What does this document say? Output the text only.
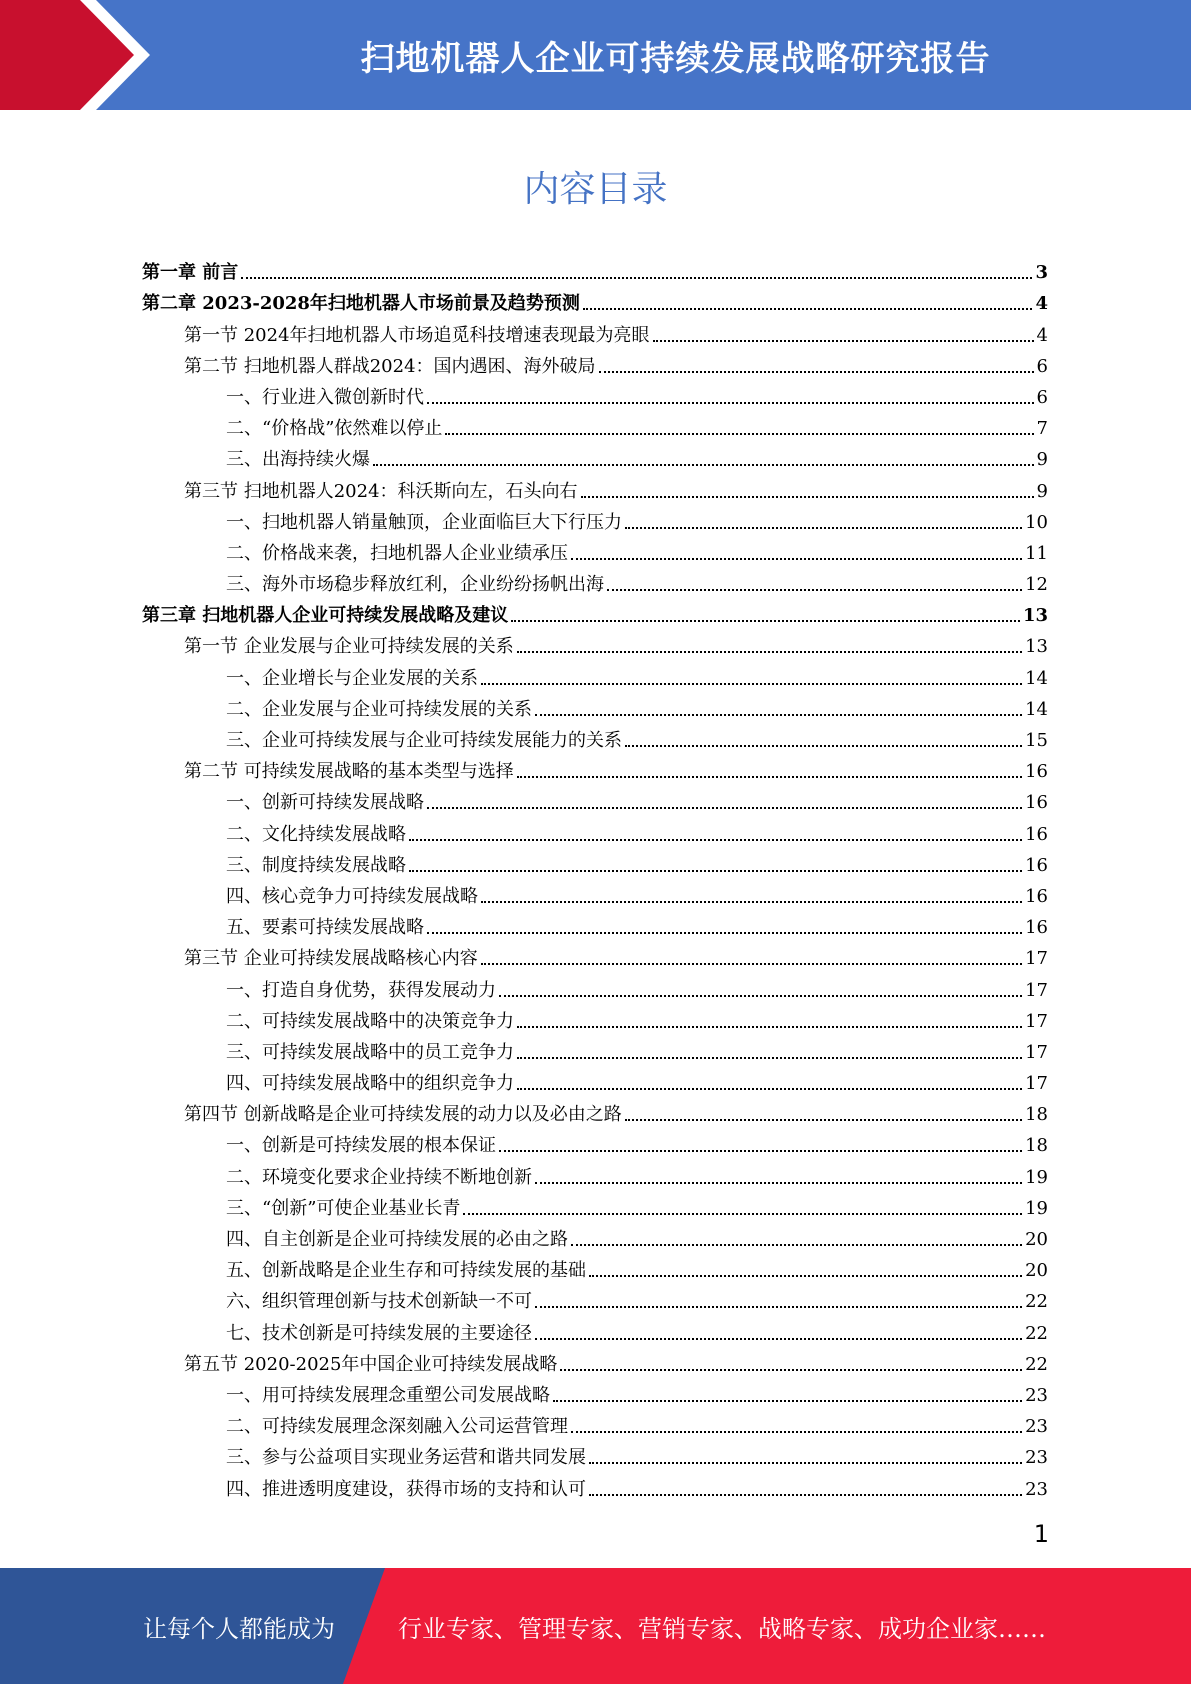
扫地机器人企业可持续发展战略研究报告
内容目录
第一章 前言	3
第二章 2023-2028年扫地机器人市场前景及趋势预测	4
第一节 2024年扫地机器人市场追觅科技增速表现最为亮眼	4
第二节 扫地机器人群战2024：国内遇困、海外破局	6
一、行业进入微创新时代	6
二、“价格战”依然难以停止	7
三、出海持续火爆	9
第三节 扫地机器人2024：科沃斯向左，石头向右	9
一、扫地机器人销量触顶，企业面临巨大下行压力	10
二、价格战来袭，扫地机器人企业业绩承压	11
三、海外市场稳步释放红利，企业纷纷扬帆出海	12
第三章 扫地机器人企业可持续发展战略及建议	13
第一节 企业发展与企业可持续发展的关系	13
一、企业增长与企业发展的关系	14
二、企业发展与企业可持续发展的关系	14
三、企业可持续发展与企业可持续发展能力的关系	15
第二节 可持续发展战略的基本类型与选择	16
一、创新可持续发展战略	16
二、文化持续发展战略	16
三、制度持续发展战略	16
四、核心竞争力可持续发展战略	16
五、要素可持续发展战略	16
第三节 企业可持续发展战略核心内容	17
一、打造自身优势，获得发展动力	17
二、可持续发展战略中的决策竞争力	17
三、可持续发展战略中的员工竞争力	17
四、可持续发展战略中的组织竞争力	17
第四节 创新战略是企业可持续发展的动力以及必由之路	18
一、创新是可持续发展的根本保证	18
二、环境变化要求企业持续不断地创新	19
三、“创新”可使企业基业长青	19
四、自主创新是企业可持续发展的必由之路	20
五、创新战略是企业生存和可持续发展的基础	20
六、组织管理创新与技术创新缺一不可	22
七、技术创新是可持续发展的主要途径	22
第五节 2020-2025年中国企业可持续发展战略	22
一、用可持续发展理念重塑公司发展战略	23
二、可持续发展理念深刻融入公司运营管理	23
三、参与公益项目实现业务运营和谐共同发展	23
四、推进透明度建设，获得市场的支持和认可	23
1
让每个人都能成为	行业专家、管理专家、营销专家、战略专家、成功企业家……
